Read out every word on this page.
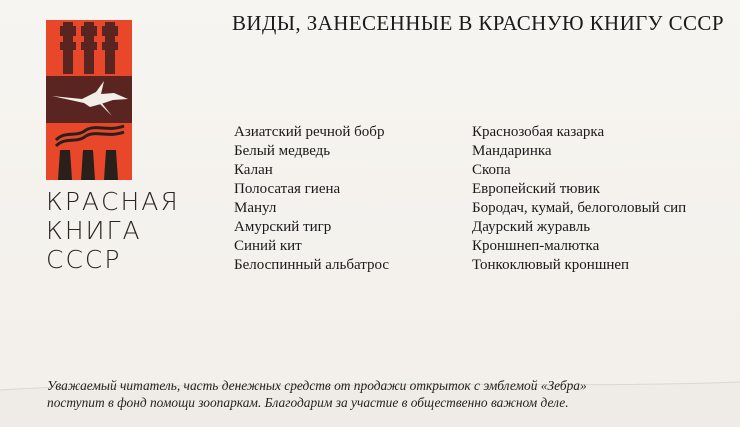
КРАСНАЯ
КНИГА
СССР
ВИДЫ, ЗАНЕСЕННЫЕ В КРАСНУЮ КНИГУ СССР
Азиатский речной бобр
Белый медведь
Калан
Полосатая гиена
Манул
Амурский тигр
Синий кит
Белоспинный альбатрос
Краснозобая казарка
Мандаринка
Скопа
Европейский тювик
Бородач, кумай, белоголовый сип
Даурский журавль
Кроншнеп-малютка
Тонкоклювый кроншнеп
Уважаемый читатель, часть денежных средств от продажи открыток с эмблемой «Зебра»
поступит в фонд помощи зоопаркам. Благодарим за участие в общественно важном деле.
